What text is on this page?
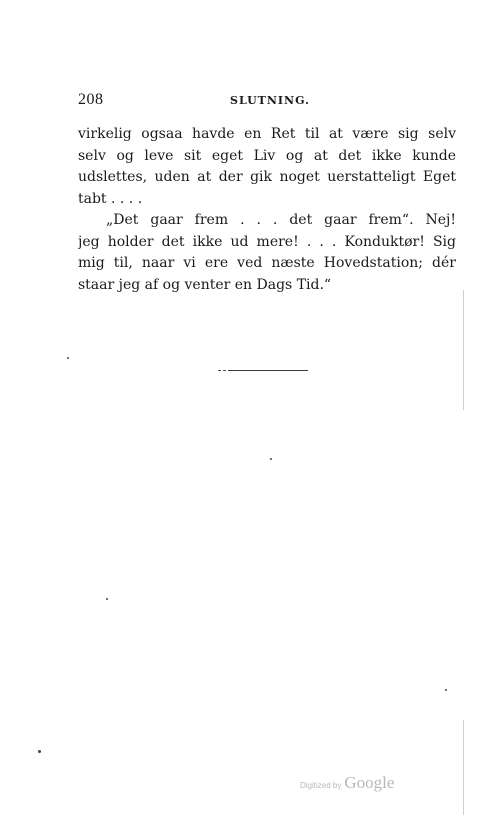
208	SLUTNING.
virkelig ogsaa havde en Ret til at være sig selv
selv og leve sit eget Liv og at det ikke kunde
udslettes, uden at der gik noget uerstatteligt Eget
tabt . . . .
„Det gaar frem . . . det gaar frem“. Nej!
jeg holder det ikke ud mere! . . . Konduktør! Sig
mig til, naar vi ere ved næste Hovedstation; dér
staar jeg af og venter en Dags Tid.“
Digitized by Google
